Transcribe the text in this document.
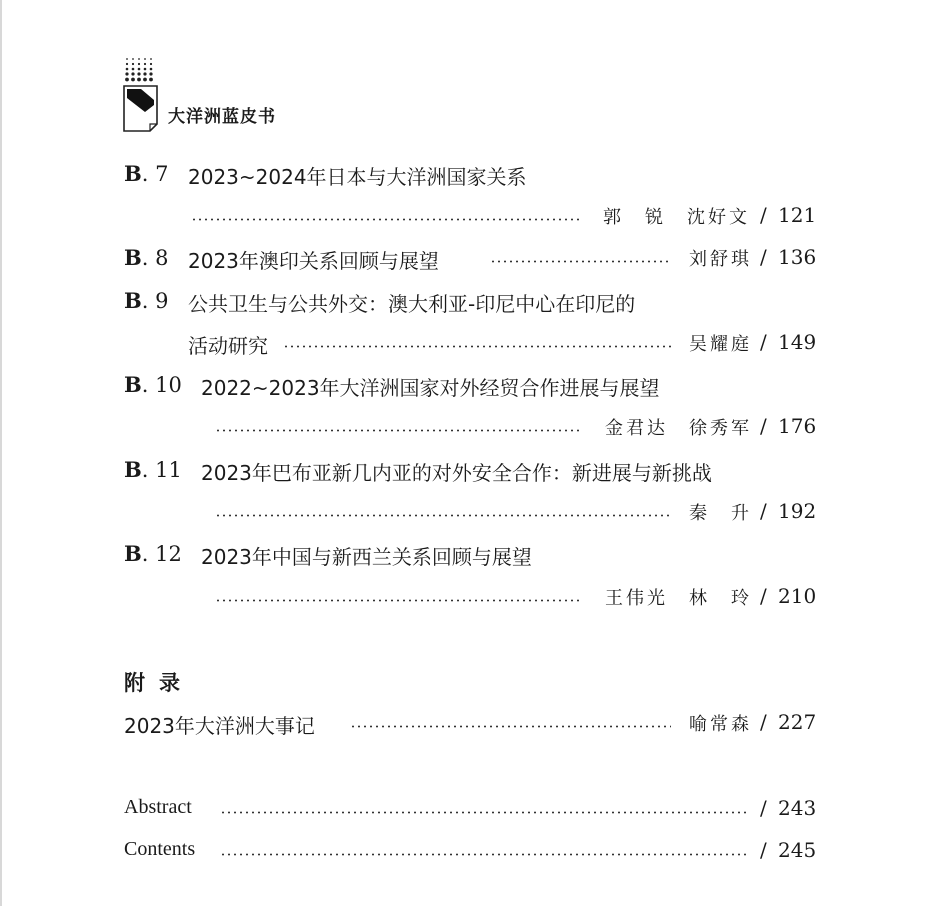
大洋洲蓝皮书
B. 7 2023~2024年日本与大洋洲国家关系
郭　锐　沈好文 / 121
B. 8 2023年澳印关系回顾与展望	刘舒琪 / 136
B. 9 公共卫生与公共外交：澳大利亚-印尼中心在印尼的
活动研究	吴耀庭 / 149
B. 10 2022~2023年大洋洲国家对外经贸合作进展与展望
金君达　徐秀军 / 176
B. 11 2023年巴布亚新几内亚的对外安全合作：新进展与新挑战
秦　升 / 192
B. 12 2023年中国与新西兰关系回顾与展望
王伟光　林　玲 / 210
附录
2023年大洋洲大事记	喻常森 / 227
Abstract	/ 243
Contents	/ 245
